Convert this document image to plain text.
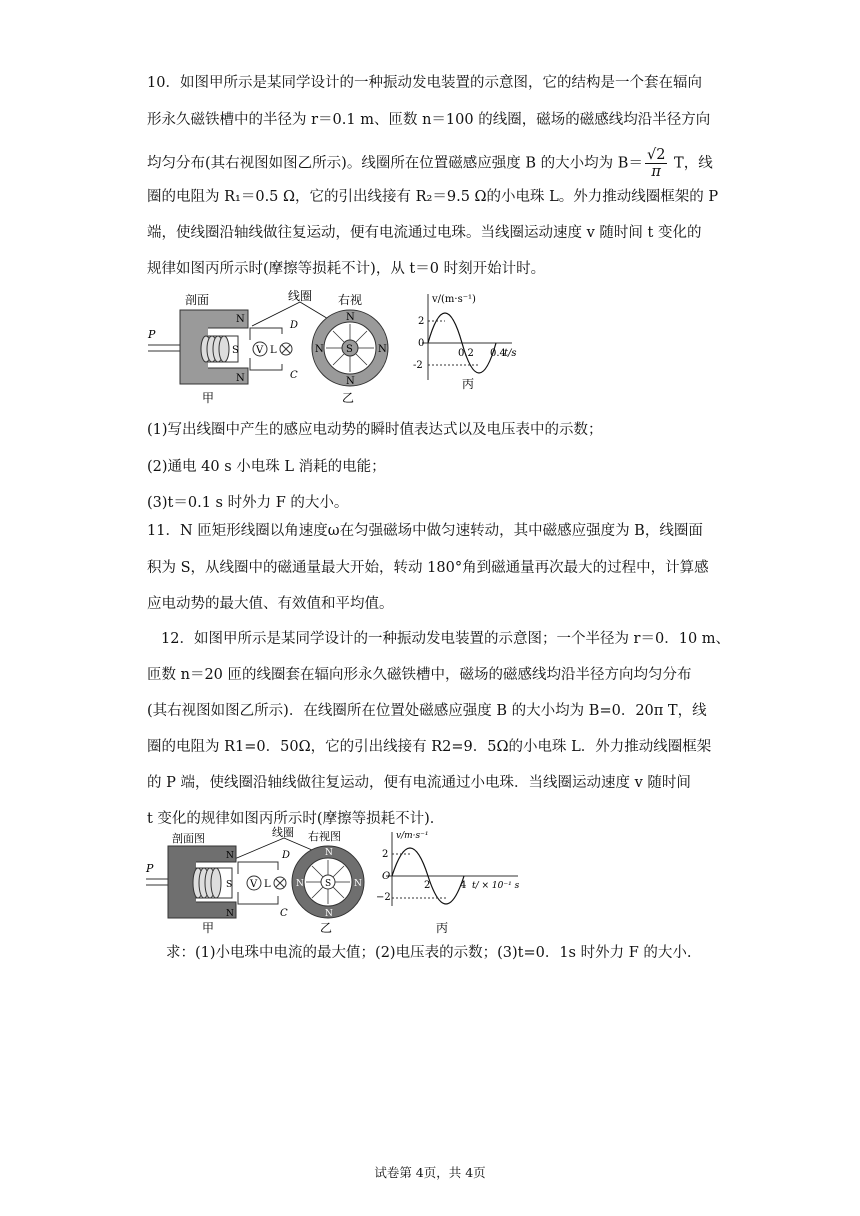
10．如图甲所示是某同学设计的一种振动发电装置的示意图，它的结构是一个套在辐向
形永久磁铁槽中的半径为 r＝0.1 m、匝数 n＝100 的线圈，磁场的磁感线均沿半径方向
均匀分布(其右视图如图乙所示)。线圈所在位置磁感应强度 B 的大小均为 $B= \frac{√2}{\pi}$ T，线
圈的电阻为 R₁＝0.5 Ω，它的引出线接有 R₂＝9.5 Ω的小电珠 L。外力推动线圈框架的 P
端，使线圈沿轴线做往复运动，便有电流通过电珠。当线圈运动速度 v 随时间 t 变化的
规律如图丙所示时(摩擦等损耗不计)，从 t＝0 时刻开始计时。
剖面	线圈
N
N
S
P
V L
D
C
甲
右视
S
N
N
N	N
乙
v/(m·s⁻¹)
2
0
-2
0.2 0.4
t/s
丙
(1)写出线圈中产生的感应电动势的瞬时值表达式以及电压表中的示数；
(2)通电 40 s 小电珠 L 消耗的电能；
(3)t＝0.1 s 时外力 F 的大小。
11．N 匝矩形线圈以角速度ω在匀强磁场中做匀速转动，其中磁感应强度为 B，线圈面
积为 S，从线圈中的磁通量最大开始，转动 180°角到磁通量再次最大的过程中，计算感
应电动势的最大值、有效值和平均值。
12．如图甲所示是某同学设计的一种振动发电装置的示意图；一个半径为 r＝0．10 m、
匝数 n＝20 匝的线圈套在辐向形永久磁铁槽中，磁场的磁感线均沿半径方向均匀分布
(其右视图如图乙所示)．在线圈所在位置处磁感应强度 B 的大小均为 B=0．20π T，线
圈的电阻为 R1=0．50Ω，它的引出线接有 R2=9．5Ω的小电珠 L．外力推动线圈框架
的 P 端，使线圈沿轴线做往复运动，便有电流通过小电珠．当线圈运动速度 v 随时间
t 变化的规律如图丙所示时(摩擦等损耗不计)．
剖面图	线圈
N
N
S
P
V L
D
C
甲
右视图
S
N
N
N	N
乙
v/m·s⁻¹
2
O
−2
2	4 t/ × 10⁻¹ s
丙
求：(1)小电珠中电流的最大值；(2)电压表的示数；(3)t=0．1s 时外力 F 的大小.
试卷第 4页，共 4页
